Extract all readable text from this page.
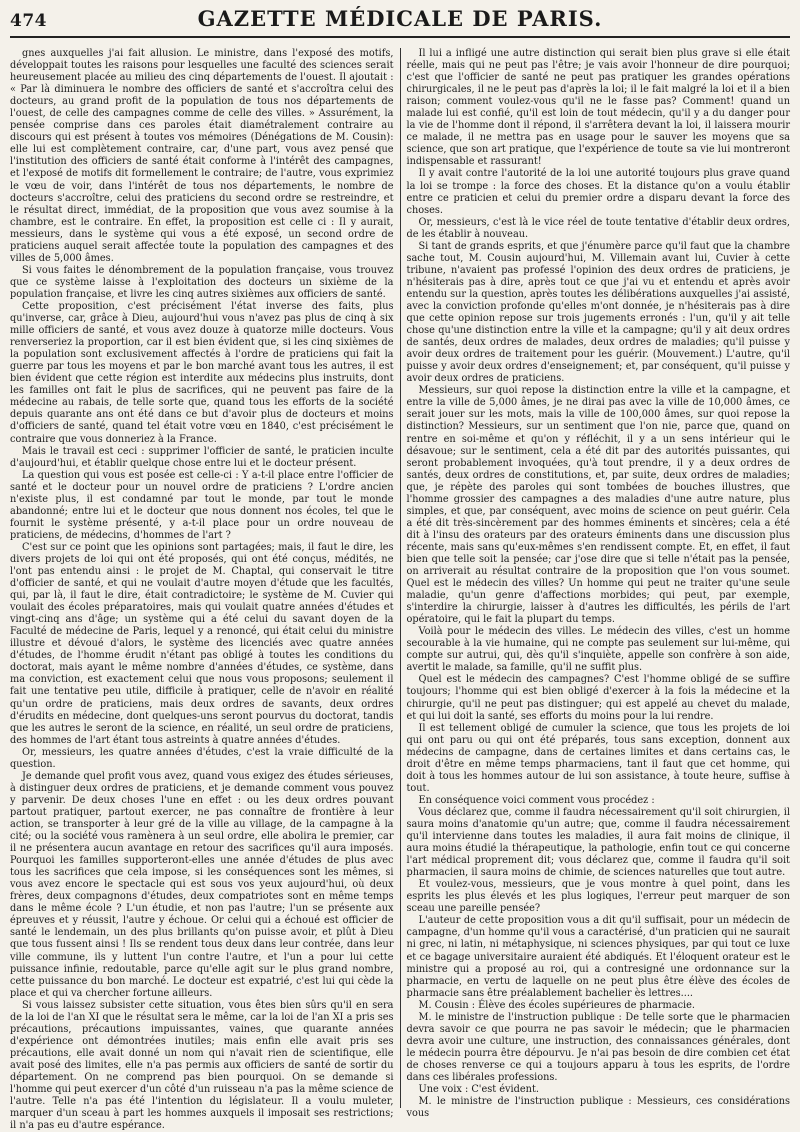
474	GAZETTE MÉDICALE DE PARIS.

gnes auxquelles j'ai fait allusion. Le ministre, dans l'exposé des motifs, développait toutes les raisons pour lesquelles une faculté des sciences serait heureusement placée au milieu des cinq départements de l'ouest. Il ajoutait : « Par là diminuera le nombre des officiers de santé et s'accroîtra celui des docteurs, au grand profit de la population de tous nos départements de l'ouest, de celle des campagnes comme de celle des villes. » Assurément, la pensée comprise dans ces paroles était diamétralement contraire au discours qui est présent à toutes vos mémoires (Dénégations de M. Cousin): elle lui est complètement contraire, car, d'une part, vous avez pensé que l'institution des officiers de santé était conforme à l'intérêt des campagnes, et l'exposé de motifs dit formellement le contraire; de l'autre, vous exprimiez le vœu de voir, dans l'intérêt de tous nos départements, le nombre de docteurs s'accroître, celui des praticiens du second ordre se restreindre, et le résultat direct, immédiat, de la proposition que vous avez soumise à la chambre, est le contraire. En effet, la proposition est celle ci : Il y aurait, messieurs, dans le système qui vous a été exposé, un second ordre de praticiens auquel serait affectée toute la population des campagnes et des villes de 5,000 âmes.

Si vous faites le dénombrement de la population française, vous trouvez que ce système laisse à l'exploitation des docteurs un sixième de la population française, et livre les cinq autres sixièmes aux officiers de santé.

Cette proposition, c'est précisément l'état inverse des faits, plus qu'inverse, car, grâce à Dieu, aujourd'hui vous n'avez pas plus de cinq à six mille officiers de santé, et vous avez douze à quatorze mille docteurs. Vous renverseriez la proportion, car il est bien évident que, si les cinq sixièmes de la population sont exclusivement affectés à l'ordre de praticiens qui fait la guerre par tous les moyens et par le bon marché avant tous les autres, il est bien évident que cette région est interdite aux médecins plus instruits, dont les familles ont fait le plus de sacrifices, qui ne peuvent pas faire de la médecine au rabais, de telle sorte que, quand tous les efforts de la société depuis quarante ans ont été dans ce but d'avoir plus de docteurs et moins d'officiers de santé, quand tel était votre vœu en 1840, c'est précisément le contraire que vous donneriez à la France.

Mais le travail est ceci : supprimer l'officier de santé, le praticien inculte d'aujourd'hui, et établir quelque chose entre lui et le docteur présent.

La question qui vous est posée est celle-ci : Y a-t-il place entre l'officier de santé et le docteur pour un nouvel ordre de praticiens ? L'ordre ancien n'existe plus, il est condamné par tout le monde, par tout le monde abandonné; entre lui et le docteur que nous donnent nos écoles, tel que le fournit le système présenté, y a-t-il place pour un ordre nouveau de praticiens, de médecins, d'hommes de l'art ?

C'est sur ce point que les opinions sont partagées; mais, il faut le dire, les divers projets de loi qui ont été proposés, qui ont été conçus, médités, ne l'ont pas entendu ainsi : le projet de M. Chaptal, qui conservait le titre d'officier de santé, et qui ne voulait d'autre moyen d'étude que les facultés, qui, par là, il faut le dire, était contradictoire; le système de M. Cuvier qui voulait des écoles préparatoires, mais qui voulait quatre années d'études et vingt-cinq ans d'âge; un système qui a été celui du savant doyen de la Faculté de médecine de Paris, lequel y a renoncé, qui était celui du ministre illustre et dévoué d'alors, le système des licenciés avec quatre années d'études, de l'homme érudit n'étant pas obligé à toutes les conditions du doctorat, mais ayant le même nombre d'années d'études, ce système, dans ma conviction, est exactement celui que nous vous proposons; seulement il fait une tentative peu utile, difficile à pratiquer, celle de n'avoir en réalité qu'un ordre de praticiens, mais deux ordres de savants, deux ordres d'érudits en médecine, dont quelques-uns seront pourvus du doctorat, tandis que les autres le seront de la science, en réalité, un seul ordre de praticiens, des hommes de l'art étant tous astreints à quatre années d'études.

Or, messieurs, les quatre années d'études, c'est la vraie difficulté de la question.

Je demande quel profit vous avez, quand vous exigez des études sérieuses, à distinguer deux ordres de praticiens, et je demande comment vous pouvez y parvenir. De deux choses l'une en effet : ou les deux ordres pouvant partout pratiquer, partout exercer, ne pas connaître de frontière à leur action, se transporter à leur gré de la ville au village, de la campagne à la cité; ou la société vous ramènera à un seul ordre, elle abolira le premier, car il ne présentera aucun avantage en retour des sacrifices qu'il aura imposés. Pourquoi les familles supporteront-elles une année d'études de plus avec tous les sacrifices que cela impose, si les conséquences sont les mêmes, si vous avez encore le spectacle qui est sous vos yeux aujourd'hui, où deux frères, deux compagnons d'études, deux compatriotes sont en même temps dans le même école ? L'un étudie, et non pas l'autre; l'un se présente aux épreuves et y réussit, l'autre y échoue. Or celui qui a échoué est officier de santé le lendemain, un des plus brillants qu'on puisse avoir, et plût à Dieu que tous fussent ainsi ! Ils se rendent tous deux dans leur contrée, dans leur ville commune, ils y luttent l'un contre l'autre, et l'un a pour lui cette puissance infinie, redoutable, parce qu'elle agit sur le plus grand nombre, cette puissance du bon marché. Le docteur est expatrié, c'est lui qui cède la place et qui va chercher fortune ailleurs.

Si vous laissez subsister cette situation, vous êtes bien sûrs qu'il en sera de la loi de l'an XI que le résultat sera le même, car la loi de l'an XI a pris ses précautions, précautions impuissantes, vaines, que quarante années d'expérience ont démontrées inutiles; mais enfin elle avait pris ses précautions, elle avait donné un nom qui n'avait rien de scientifique, elle avait posé des limites, elle n'a pas permis aux officiers de santé de sortir du département. On ne comprend pas bien pourquoi. On se demande si l'homme qui peut exercer d'un côté d'un ruisseau n'a pas la même science de l'autre. Telle n'a pas été l'intention du législateur. Il a voulu muleter, marquer d'un sceau à part les hommes auxquels il imposait ses restrictions; il n'a pas eu d'autre espérance.

Il lui a infligé une autre distinction qui serait bien plus grave si elle était réelle, mais qui ne peut pas l'être; je vais avoir l'honneur de dire pourquoi; c'est que l'officier de santé ne peut pas pratiquer les grandes opérations chirurgicales, il ne le peut pas d'après la loi; il le fait malgré la loi et il a bien raison; comment voulez-vous qu'il ne le fasse pas? Comment! quand un malade lui est confié, qu'il est loin de tout médecin, qu'il y a du danger pour la vie de l'homme dont il répond, il s'arrêtera devant la loi, il laissera mourir ce malade, il ne mettra pas en usage pour le sauver les moyens que sa science, que son art pratique, que l'expérience de toute sa vie lui montreront indispensable et rassurant!

Il y avait contre l'autorité de la loi une autorité toujours plus grave quand la loi se trompe : la force des choses. Et la distance qu'on a voulu établir entre ce praticien et celui du premier ordre a disparu devant la force des choses.

Or, messieurs, c'est là le vice réel de toute tentative d'établir deux ordres, de les établir à nouveau.

Si tant de grands esprits, et que j'énumère parce qu'il faut que la chambre sache tout, M. Cousin aujourd'hui, M. Villemain avant lui, Cuvier à cette tribune, n'avaient pas professé l'opinion des deux ordres de praticiens, je n'hésiterais pas à dire, après tout ce que j'ai vu et entendu et après avoir entendu sur la question, après toutes les délibérations auxquelles j'ai assisté, avec la conviction profonde qu'elles m'ont donnée, je n'hésiterais pas à dire que cette opinion repose sur trois jugements erronés : l'un, qu'il y ait telle chose qu'une distinction entre la ville et la campagne; qu'il y ait deux ordres de santés, deux ordres de malades, deux ordres de maladies; qu'il puisse y avoir deux ordres de traitement pour les guérir. (Mouvement.) L'autre, qu'il puisse y avoir deux ordres d'enseignement; et, par conséquent, qu'il puisse y avoir deux ordres de praticiens.

Messieurs, sur quoi repose la distinction entre la ville et la campagne, et entre la ville de 5,000 âmes, je ne dirai pas avec la ville de 10,000 âmes, ce serait jouer sur les mots, mais la ville de 100,000 âmes, sur quoi repose la distinction? Messieurs, sur un sentiment que l'on nie, parce que, quand on rentre en soi-même et qu'on y réfléchit, il y a un sens intérieur qui le désavoue; sur le sentiment, cela a été dit par des autorités puissantes, qui seront probablement invoquées, qu'à tout prendre, il y a deux ordres de santés, deux ordres de constitutions, et, par suite, deux ordres de maladies; que, je répète des paroles qui sont tombées de bouches illustres, que l'homme grossier des campagnes a des maladies d'une autre nature, plus simples, et que, par conséquent, avec moins de science on peut guérir. Cela a été dit très-sincèrement par des hommes éminents et sincères; cela a été dit à l'insu des orateurs par des orateurs éminents dans une discussion plus récente, mais sans qu'eux-mêmes s'en rendissent compte. Et, en effet, il faut bien que telle soit la pensée; car j'ose dire que si telle n'était pas la pensée, on arriverait au résultat contraire de la proposition que l'on vous soumet. Quel est le médecin des villes? Un homme qui peut ne traiter qu'une seule maladie, qu'un genre d'affections morbides; qui peut, par exemple, s'interdire la chirurgie, laisser à d'autres les difficultés, les périls de l'art opératoire, qui le fait la plupart du temps.

Voilà pour le médecin des villes. Le médecin des villes, c'est un homme secourable à la vie humaine, qui ne compte pas seulement sur lui-même, qui compte sur autrui, qui, dès qu'il s'inquiète, appelle son confrère à son aide, avertit le malade, sa famille, qu'il ne suffit plus.

Quel est le médecin des campagnes? C'est l'homme obligé de se suffire toujours; l'homme qui est bien obligé d'exercer à la fois la médecine et la chirurgie, qu'il ne peut pas distinguer; qui est appelé au chevet du malade, et qui lui doit la santé, ses efforts du moins pour la lui rendre.

Il est tellement obligé de cumuler la science, que tous les projets de loi qui ont paru ou qui ont été préparés, tous sans exception, donnent aux médecins de campagne, dans de certaines limites et dans certains cas, le droit d'être en même temps pharmaciens, tant il faut que cet homme, qui doit à tous les hommes autour de lui son assistance, à toute heure, suffise à tout.

En conséquence voici comment vous procédez :

Vous déclarez que, comme il faudra nécessairement qu'il soit chirurgien, il saura moins d'anatomie qu'un autre; que, comme il faudra nécessairement qu'il intervienne dans toutes les maladies, il aura fait moins de clinique, il aura moins étudié la thérapeutique, la pathologie, enfin tout ce qui concerne l'art médical proprement dit; vous déclarez que, comme il faudra qu'il soit pharmacien, il saura moins de chimie, de sciences naturelles que tout autre.

Et voulez-vous, messieurs, que je vous montre à quel point, dans les esprits les plus élevés et les plus logiques, l'erreur peut marquer de son sceau une pareille pensée?

L'auteur de cette proposition vous a dit qu'il suffisait, pour un médecin de campagne, d'un homme qu'il vous a caractérisé, d'un praticien qui ne saurait ni grec, ni latin, ni métaphysique, ni sciences physiques, par qui tout ce luxe et ce bagage universitaire auraient été abdiqués. Et l'éloquent orateur est le ministre qui a proposé au roi, qui a contresigné une ordonnance sur la pharmacie, en vertu de laquelle on ne peut plus être élève des écoles de pharmacie sans être préalablement bachelier ès lettres....

M. Cousin : Élève des écoles supérieures de pharmacie.

M. le ministre de l'instruction publique : De telle sorte que le pharmacien devra savoir ce que pourra ne pas savoir le médecin; que le pharmacien devra avoir une culture, une instruction, des connaissances générales, dont le médecin pourra être dépourvu. Je n'ai pas besoin de dire combien cet état de choses renverse ce qui a toujours apparu à tous les esprits, de l'ordre dans ces libérales professions.

Une voix : C'est évident.

M. le ministre de l'instruction publique : Messieurs, ces considérations vous
